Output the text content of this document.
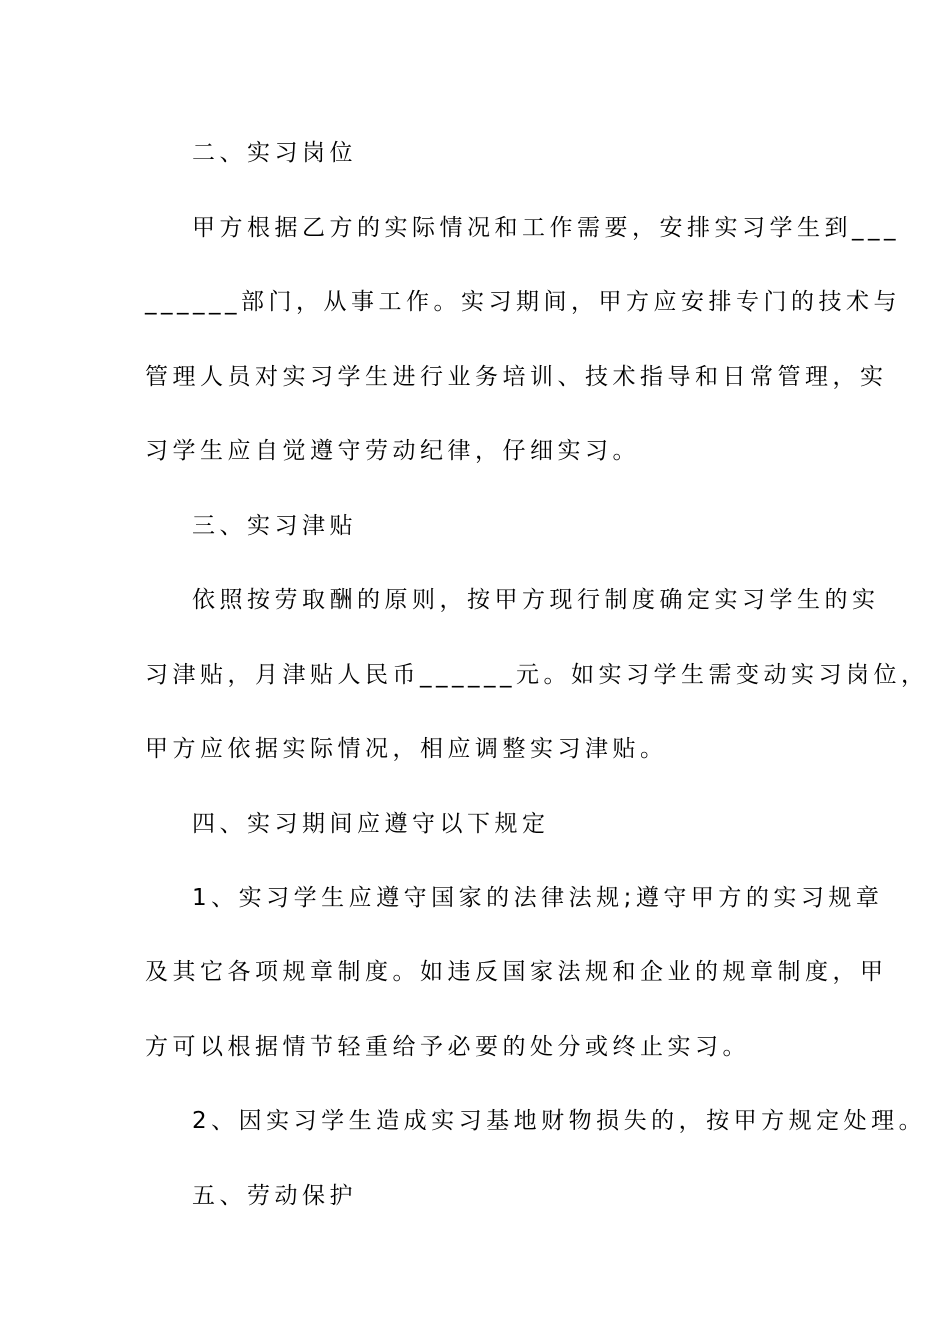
二、实习岗位
甲方根据乙方的实际情况和工作需要，安排实习学生到___
______部门，从事工作。实习期间，甲方应安排专门的技术与
管理人员对实习学生进行业务培训、技术指导和日常管理，实
习学生应自觉遵守劳动纪律，仔细实习。
三、实习津贴
依照按劳取酬的原则，按甲方现行制度确定实习学生的实
习津贴，月津贴人民币______元。如实习学生需变动实习岗位，
甲方应依据实际情况，相应调整实习津贴。
四、实习期间应遵守以下规定
1、实习学生应遵守国家的法律法规;遵守甲方的实习规章
及其它各项规章制度。如违反国家法规和企业的规章制度，甲
方可以根据情节轻重给予必要的处分或终止实习。
2、因实习学生造成实习基地财物损失的，按甲方规定处理。
五、劳动保护
